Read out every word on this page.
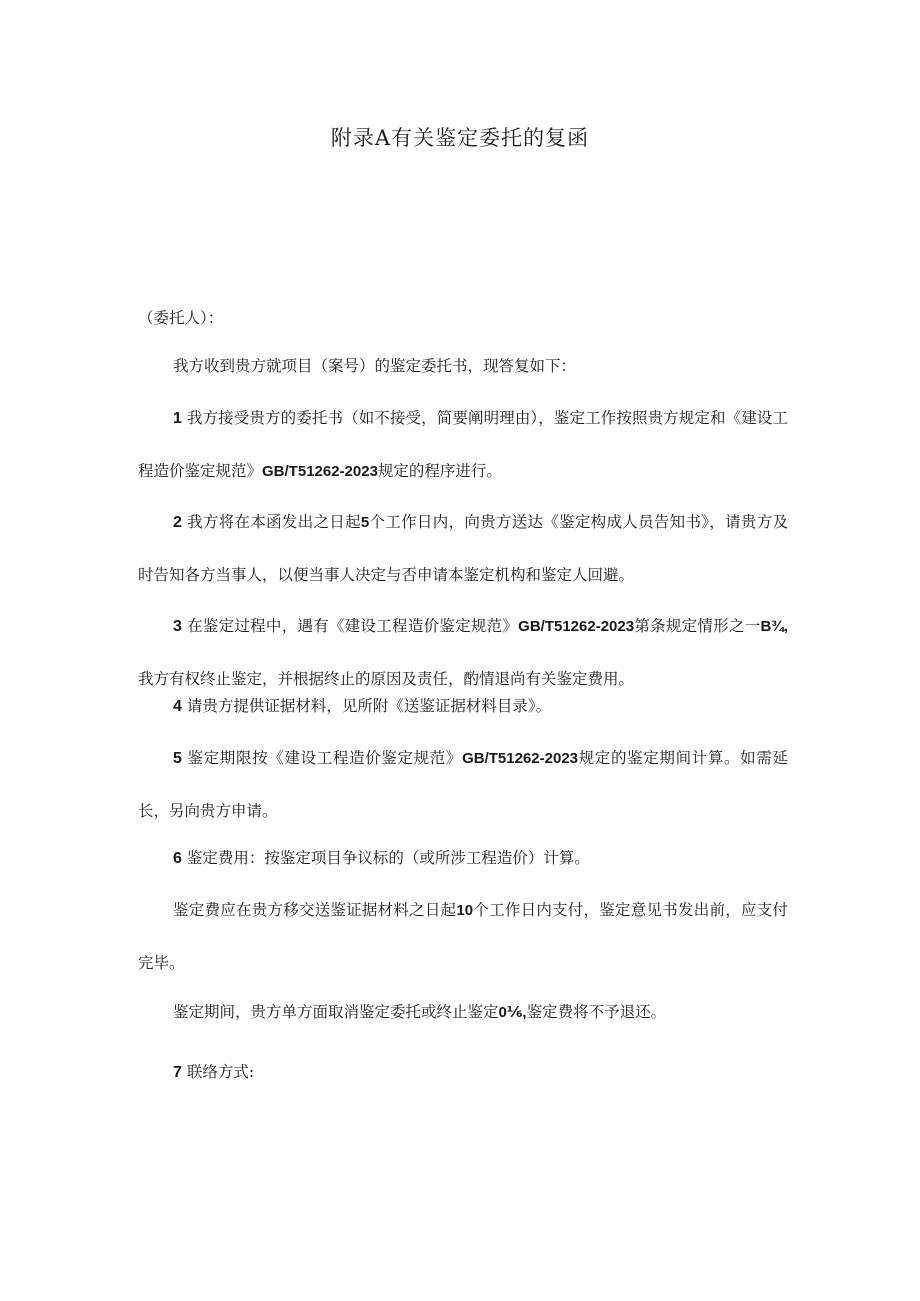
附录A有关鉴定委托的复函

（委托人）：

我方收到贵方就项目（案号）的鉴定委托书，现答复如下：

1 我方接受贵方的委托书（如不接受，简要阐明理由），鉴定工作按照贵方规定和《建设工程造价鉴定规范》GB/T51262-2023规定的程序进行。

2 我方将在本函发出之日起5个工作日内，向贵方送达《鉴定构成人员告知书》，请贵方及时告知各方当事人，以便当事人决定与否申请本鉴定机构和鉴定人回避。

3 在鉴定过程中，遇有《建设工程造价鉴定规范》GB/T51262-2023第条规定情形之一B¾,我方有权终止鉴定，并根据终止的原因及责任，酌情退尚有关鉴定费用。

4 请贵方提供证据材料，见所附《送鉴证据材料目录》。

5 鉴定期限按《建设工程造价鉴定规范》GB/T51262-2023规定的鉴定期间计算。如需延长，另向贵方申请。

6 鉴定费用：按鉴定项目争议标的（或所涉工程造价）计算。

鉴定费应在贵方移交送鉴证据材料之日起10个工作日内支付，鉴定意见书发出前，应支付完毕。

鉴定期间，贵方单方面取消鉴定委托或终止鉴定0⅙,鉴定费将不予退还。

7 联络方式:
